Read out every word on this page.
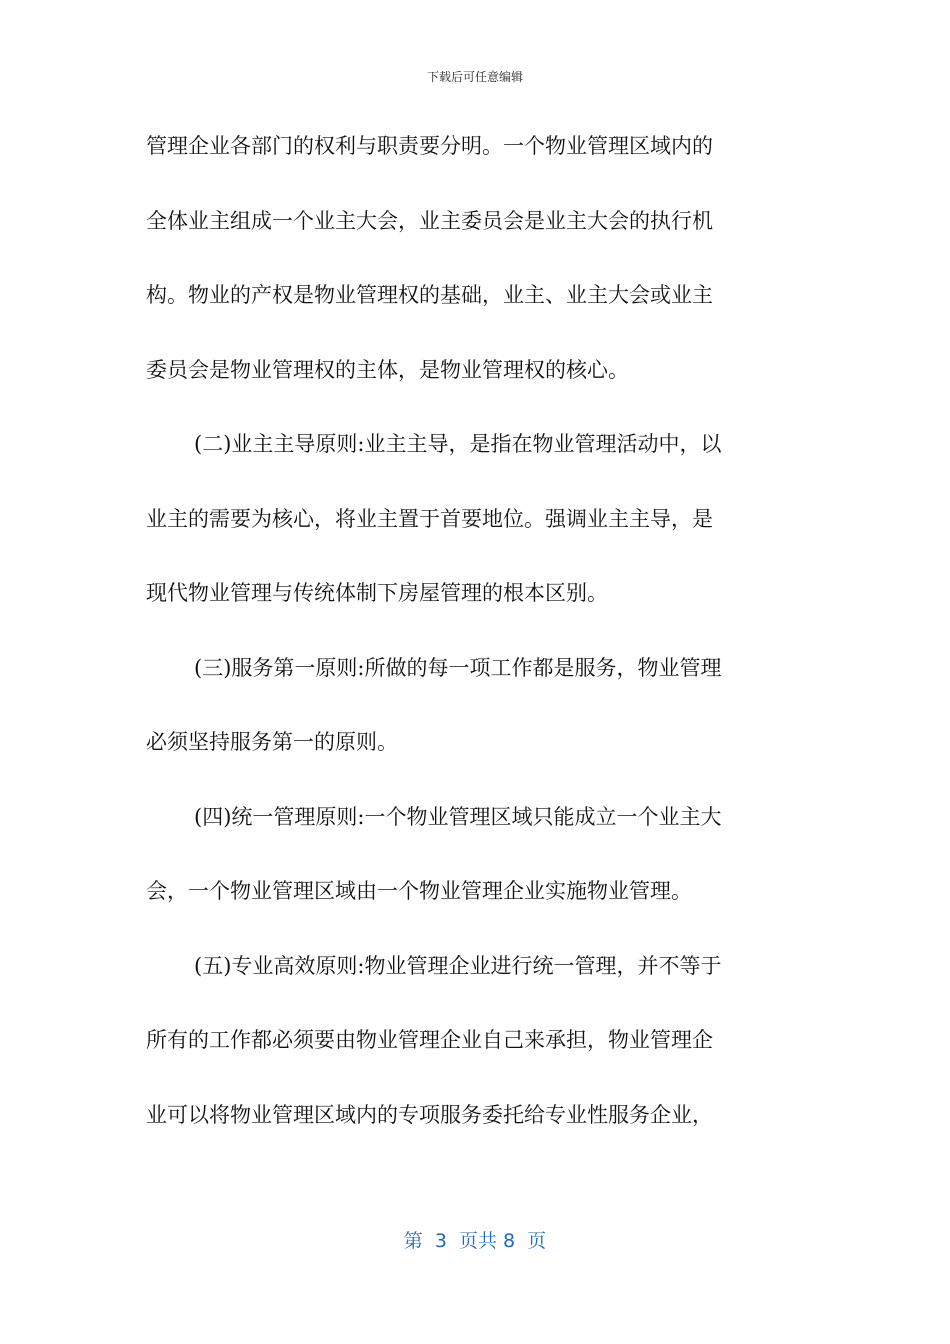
下载后可任意编辑
管理企业各部门的权利与职责要分明。一个物业管理区域内的
全体业主组成一个业主大会，业主委员会是业主大会的执行机
构。物业的产权是物业管理权的基础，业主、业主大会或业主
委员会是物业管理权的主体，是物业管理权的核心。
(二)业主主导原则:业主主导，是指在物业管理活动中，以
业主的需要为核心，将业主置于首要地位。强调业主主导，是
现代物业管理与传统体制下房屋管理的根本区别。
(三)服务第一原则:所做的每一项工作都是服务，物业管理
必须坚持服务第一的原则。
(四)统一管理原则:一个物业管理区域只能成立一个业主大
会，一个物业管理区域由一个物业管理企业实施物业管理。
(五)专业高效原则:物业管理企业进行统一管理，并不等于
所有的工作都必须要由物业管理企业自己来承担，物业管理企
业可以将物业管理区域内的专项服务委托给专业性服务企业，
第  3  页共 8  页
